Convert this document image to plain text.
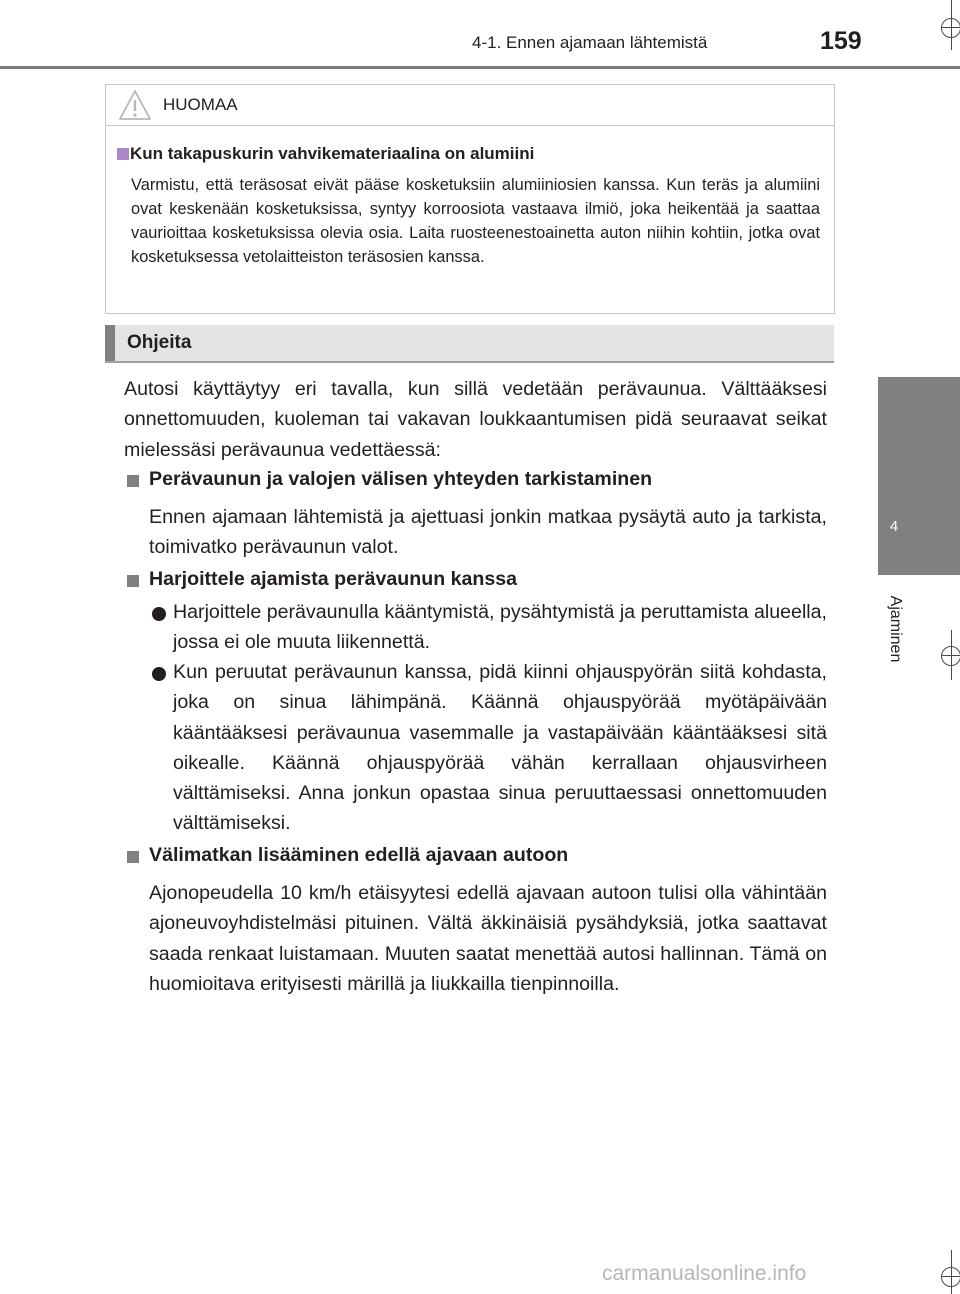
4-1. Ennen ajamaan lähtemistä	159
4
Ajaminen
HUOMAA
Kun takapuskurin vahvikemateriaalina on alumiini
Varmistu, että teräsosat eivät pääse kosketuksiin alumiiniosien kanssa. Kun teräs ja alumiini ovat keskenään kosketuksissa, syntyy korroosiota vastaava ilmiö, joka heikentää ja saattaa vaurioittaa kosketuksissa olevia osia. Laita ruosteenestoainetta auton niihin kohtiin, jotka ovat kosketuksessa vetolaitteiston teräsosien kanssa.
Ohjeita
Autosi käyttäytyy eri tavalla, kun sillä vedetään perävaunua. Välttääksesi onnettomuuden, kuoleman tai vakavan loukkaantumisen pidä seuraavat seikat mielessäsi perävaunua vedettäessä:
Perävaunun ja valojen välisen yhteyden tarkistaminen
Ennen ajamaan lähtemistä ja ajettuasi jonkin matkaa pysäytä auto ja tarkista, toimivatko perävaunun valot.
Harjoittele ajamista perävaunun kanssa
Harjoittele perävaunulla kääntymistä, pysähtymistä ja peruttamista alueella, jossa ei ole muuta liikennettä.
Kun peruutat perävaunun kanssa, pidä kiinni ohjauspyörän siitä kohdasta, joka on sinua lähimpänä. Käännä ohjauspyörää myötäpäivään kääntääksesi perävaunua vasemmalle ja vastapäivään kääntääksesi sitä oikealle. Käännä ohjauspyörää vähän kerrallaan ohjausvirheen välttämiseksi. Anna jonkun opastaa sinua peruuttaessasi onnettomuuden välttämiseksi.
Välimatkan lisääminen edellä ajavaan autoon
Ajonopeudella 10 km/h etäisyytesi edellä ajavaan autoon tulisi olla vähintään ajoneuvoyhdistelmäsi pituinen. Vältä äkkinäisiä pysähdyksiä, jotka saattavat saada renkaat luistamaan. Muuten saatat menettää autosi hallinnan. Tämä on huomioitava erityisesti märillä ja liukkailla tienpinnoilla.
carmanualsonline.info
